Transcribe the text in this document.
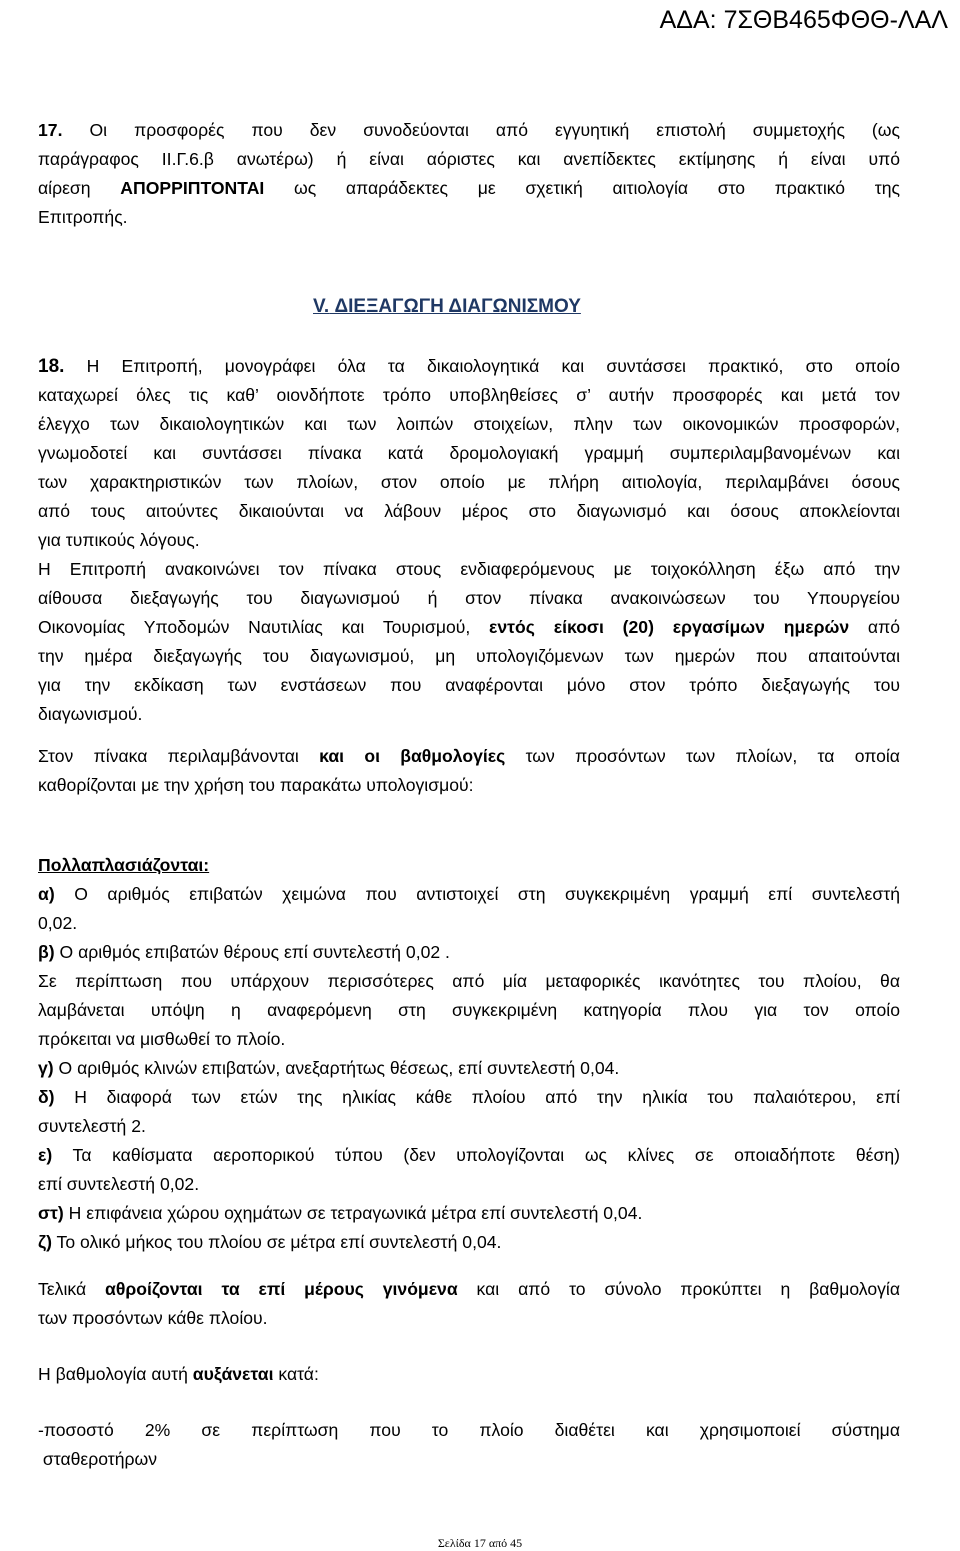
ΑΔΑ: 7ΣΘΒ465ΦΘΘ-ΛΑΛ
17. Οι προσφορές που δεν συνοδεύονται από εγγυητική επιστολή συμμετοχής (ως
παράγραφος ΙΙ.Γ.6.β ανωτέρω) ή είναι αόριστες και ανεπίδεκτες εκτίμησης ή είναι υπό
αίρεση ΑΠΟΡΡΙΠΤΟΝΤΑΙ ως απαράδεκτες με σχετική αιτιολογία στο πρακτικό της
Επιτροπής.
V. ΔΙΕΞΑΓΩΓΗ ΔΙΑΓΩΝΙΣΜΟΥ
18. Η Επιτροπή, μονογράφει όλα τα δικαιολογητικά και συντάσσει πρακτικό, στο οποίο
καταχωρεί όλες τις καθ’ οιονδήποτε τρόπο υποβληθείσες σ’ αυτήν προσφορές και μετά τον
έλεγχο των δικαιολογητικών και των λοιπών στοιχείων, πλην των οικονομικών προσφορών,
γνωμοδοτεί και συντάσσει πίνακα κατά δρομολογιακή γραμμή συμπεριλαμβανομένων και
των χαρακτηριστικών των πλοίων, στον οποίο με πλήρη αιτιολογία, περιλαμβάνει όσους
από τους αιτούντες δικαιούνται να λάβουν μέρος στο διαγωνισμό και όσους αποκλείονται
για τυπικούς λόγους.
Η Επιτροπή ανακοινώνει τον πίνακα στους ενδιαφερόμενους με τοιχοκόλληση έξω από την
αίθουσα διεξαγωγής του διαγωνισμού ή στον πίνακα ανακοινώσεων του Υπουργείου
Οικονομίας Υποδομών Ναυτιλίας και Τουρισμού, εντός είκοσι (20) εργασίμων ημερών από
την ημέρα διεξαγωγής του διαγωνισμού, μη υπολογιζόμενων των ημερών που απαιτούνται
για την εκδίκαση των ενστάσεων που αναφέρονται μόνο στον τρόπο διεξαγωγής του
διαγωνισμού.
Στον πίνακα περιλαμβάνονται και οι βαθμολογίες των προσόντων των πλοίων, τα οποία
καθορίζονται με την χρήση του παρακάτω υπολογισμού:
Πολλαπλασιάζονται:
α) Ο αριθμός επιβατών χειμώνα που αντιστοιχεί στη συγκεκριμένη γραμμή επί συντελεστή
0,02.
β) Ο αριθμός επιβατών θέρους επί συντελεστή 0,02 .
Σε περίπτωση που υπάρχουν περισσότερες από μία μεταφορικές ικανότητες του πλοίου, θα
λαμβάνεται υπόψη η αναφερόμενη στη συγκεκριμένη κατηγορία πλου για τον οποίο
πρόκειται να μισθωθεί το πλοίο.
γ) Ο αριθμός κλινών επιβατών, ανεξαρτήτως θέσεως, επί συντελεστή 0,04.
δ) Η διαφορά των ετών της ηλικίας κάθε πλοίου από την ηλικία του παλαιότερου, επί
συντελεστή 2.
ε) Τα καθίσματα αεροπορικού τύπου (δεν υπολογίζονται ως κλίνες σε οποιαδήποτε θέση)
επί συντελεστή 0,02.
στ) Η επιφάνεια χώρου οχημάτων σε τετραγωνικά μέτρα επί συντελεστή 0,04.
ζ) Το ολικό μήκος του πλοίου σε μέτρα επί συντελεστή 0,04.
Τελικά αθροίζονται τα επί μέρους γινόμενα και από το σύνολο προκύπτει η βαθμολογία
των προσόντων κάθε πλοίου.
Η βαθμολογία αυτή αυξάνεται κατά:
-ποσοστό 2% σε περίπτωση που το πλοίο διαθέτει και χρησιμοποιεί σύστημα
σταθεροτήρων
Σελίδα 17 από 45
